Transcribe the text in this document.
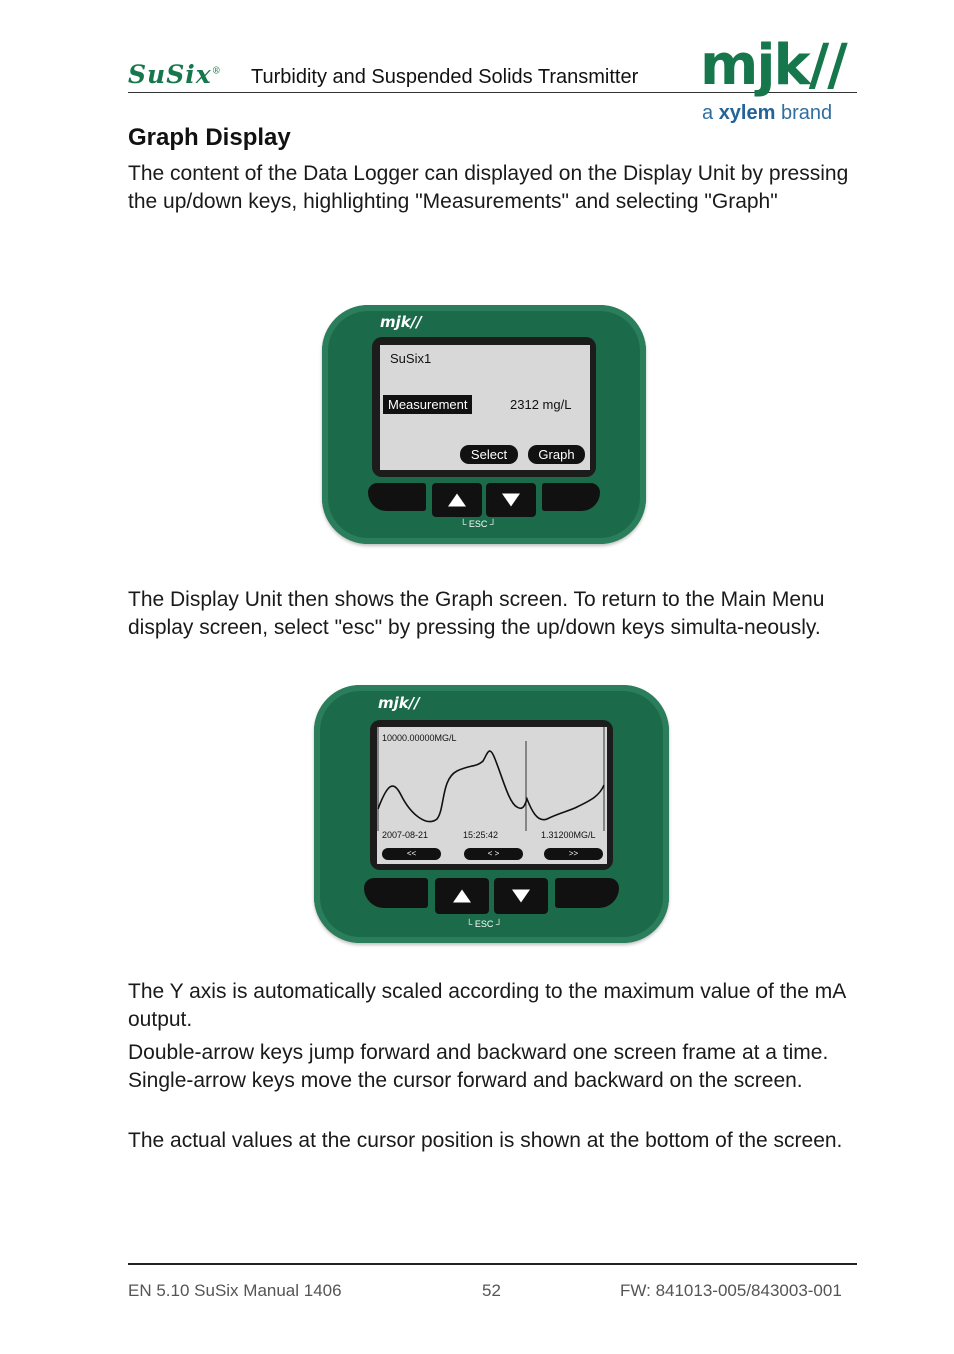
SuSix® Turbidity and Suspended Solids Transmitter mjk//
a xylem brand
Graph Display

The content of the Data Logger can displayed on the Display Unit by pressing the up/down keys, highlighting "Measurements" and selecting "Graph"

mjk//
SuSix1
Measurement	2312 mg/L
Select	Graph
└ ESC ┘

The Display Unit then shows the Graph screen. To return to the Main Menu display screen, select "esc" by pressing the up/down keys simulta-neously.

mjk//
10000.00000MG/L
2007-08-21	15:25:42	1.31200MG/L
<<	< >	>>
└ ESC ┘

The Y axis is automatically scaled according to the maximum value of the mA output.

Double-arrow keys jump forward and backward one screen frame at a time. Single-arrow keys move the cursor forward and backward on the screen.

The actual values at the cursor position is shown at the bottom of the screen.

EN 5.10 SuSix Manual 1406	52	FW: 841013-005/843003-001
